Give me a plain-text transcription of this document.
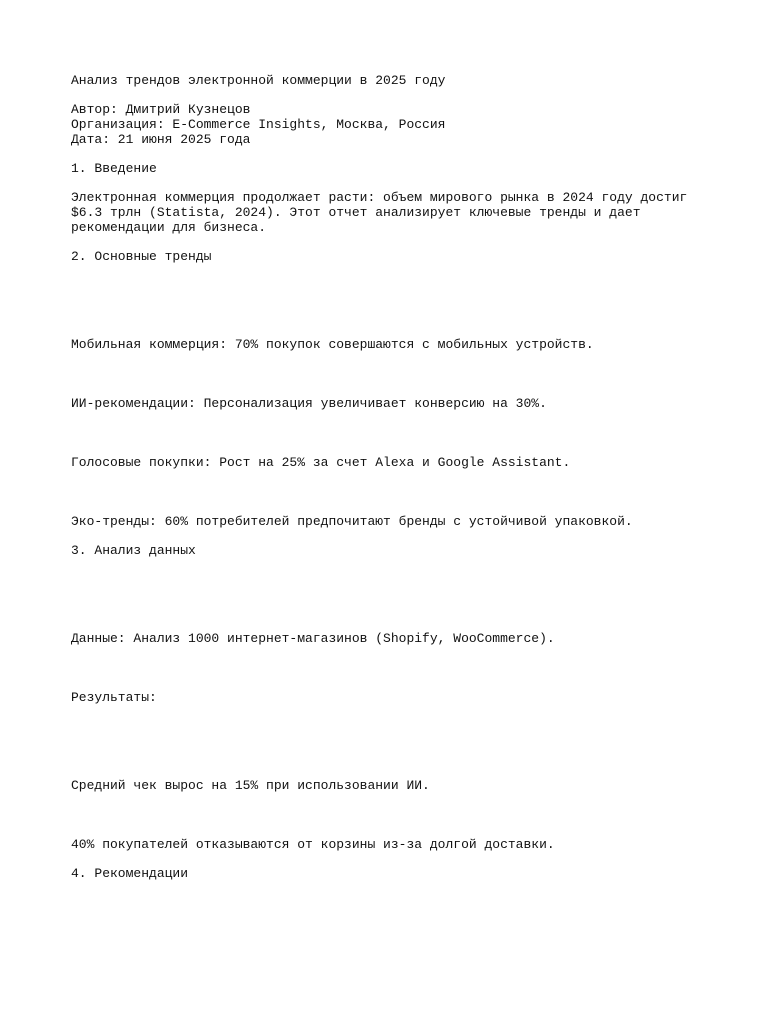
Анализ трендов электронной коммерции в 2025 году
Автор: Дмитрий Кузнецов
Организация: E-Commerce Insights, Москва, Россия
Дата: 21 июня 2025 года
1. Введение
Электронная коммерция продолжает расти: объем мирового рынка в 2024 году достиг
$6.3 трлн (Statista, 2024). Этот отчет анализирует ключевые тренды и дает
рекомендации для бизнеса.
2. Основные тренды
Мобильная коммерция: 70% покупок совершаются с мобильных устройств.
ИИ-рекомендации: Персонализация увеличивает конверсию на 30%.
Голосовые покупки: Рост на 25% за счет Alexa и Google Assistant.
Эко-тренды: 60% потребителей предпочитают бренды с устойчивой упаковкой.
3. Анализ данных
Данные: Анализ 1000 интернет-магазинов (Shopify, WooCommerce).
Результаты:
Средний чек вырос на 15% при использовании ИИ.
40% покупателей отказываются от корзины из-за долгой доставки.
4. Рекомендации
